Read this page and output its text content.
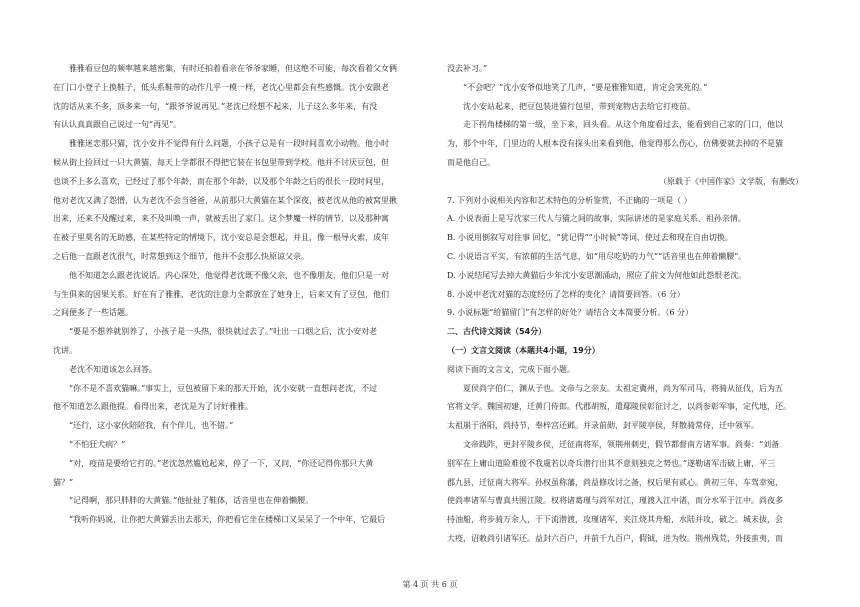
雅雅看豆包的频率越来越密集，有时还拍着看亲在爷爷家睡，但这绝不可能，每次看着父女俩

在门口小登子上换鞋子，低头系鞋带的动作几乎一模一样，老沈心里都会有些感慨。沈小安跟老

沈的话从来不多，顶多来一句，“跟爷爷说再见。”老沈已经想不起来，儿子这么多年来，有没

有认认真真跟自己说过一句“再见”。

雅雅迷恋那只猫，沈小安并不觉得有什么问题，小孩子总是有一段时间喜欢小动物。他小时

候从街上捡回过一只大黄猫，每天上学都很不得把它装在书包里带到学校。他并不讨厌豆包，但

也谈不上多么喜欢，已经过了那个年龄，而在那个年龄，以及那个年龄之后的很长一段时间里，

他对老沈又满了怨憎，认为老沈不会当爸爸，从前那只大黄猫在某个深夜，被老沈从他的被窝里揪

出来，还来不及醒过来，来不及叫唤一声，就被丢出了家门。这个梦魔一样的情节，以及那种寓

在被子里莫名的无助感，在某些特定的情境下，沈小安总是会想起，并且，像一根导火索，成年

之后他一直跟老沈很气，时常想到这个细节，他并不会那么快原谅父亲。

他不知道怎么跟老沈说话。内心深处，他觉得老沈既不像父亲，也不像朋友，他们只是一对

与生俱来的因果关系。好在有了雅雅，老沈的注意力全都放在了她身上，后来又有了豆包，他们

之间便多了一些话题。

“要是不想养就别养了，小孩子是一头热，很快就过去了。”吐出一口烟之后，沈小安对老

沈讲。

老沈不知道该怎么回答。

“你不是不喜欢猫嘛。”事实上，豆包被留下来的那天开始，沈小安就一直想问老沈，不过

他不知道怎么跟他提。看得出来，老沈是为了讨好雅雅。

“还行，这小家伙陪陪我，有个伴儿，也不错。”

“不怕狂犬病？”

“对，疫苗是要给它打的。”老沈忽然尴尬起来，停了一下，又问，“你还记得你那只大黄

猫？”

“记得啊，那只胖胖的大黄猫。”他扯扯了鞋体，话音里也在伸着懒腰。

“我听你妈说，让你把大黄猫丢出去那天，你把看它坐在楼梯口又呆呆了一个中年，它最后

没去补习。”

“不会吧？”沈小安爷似地笑了几声，“要是雅雅知道，肯定会笑死的。”

沈小安站起来，把豆包装进猫行包里，带到宠物店去给它打疫苗。

走下拐角楼梯的第一级，坐下来，回头看。从这个角度看过去，能看到自己家的门口，他以

为，那个中年，门里边的人根本没有探头出来看到他，他觉得那么伤心，仿佛要就去掉的不是猫

而是他自己。

（原载于《中国作家》文学版，有删改）

7. 下列对小说相关内容和艺术特色的分析鉴赏，不正确的一项是（ ）

A. 小说表面上是写沈家三代人与猫之间的故事，实际讲述的是家庭关系、祖孙亲情。

B. 小说用倒叙写对往事 回忆，“犹记得”“小时候”等词，使过去和现在自由切换。

C. 小说语言平实，有浓郁的生活气息，如“用尽吃奶的力气”“话音里也在伸着懒腰”。

D. 小说结尾写去掉大黄猫后少年沈小安思潮涌动，照应了前文为何他如此怨恨老沈。

8. 小说中老沈对猫的态度经历了怎样的变化？请简要回答。（6 分）

9. 小说标题“给猫留门”有怎样的好处？请结合文本简要分析。（6 分）

二、古代诗文阅读（54分）

（一）文言文阅读（本题共4小题，19分）

阅读下面的文言文，完成下面小题。

夏侯尚字伯仁，渊从子也。文帝与之亲友。太祖定冀州，尚为军司马，将骑从征伐，后为五

官将文学。魏国初建，迁黄门侍郎。代郡胡叛，遣鄢陵侯彰征讨之，以尚参彰军事，定代地，还。

太祖崩于洛阳，尚持节，奉梓宫还邺。并录前勋，封平陵亭侯，拜散骑常侍，迁中领军。

文帝践阼，更封平陵乡侯，迁征南将军，领荆州刺史，假节都督南方诸军事。尚奏：“刘备

别军在上庸山道险难彼不我虞若以奇兵潜行出其不意则独克之势也。”遂勒诸军击破上庸，平三

郡九县，迁征南大将军。孙权虽称藩，尚益修攻讨之备，权后果有贰心。黄初三年，车驾幸宛，

使尚率诸军与曹真共围江陵。权将诸葛瑾与尚军对江，瑾渡入江中渚，而分水军于江中。尚夜多

持油船，将步骑万余人，于下流潜渡，攻瑾诸军，夹江烧其舟船，水陆并攻，破之。城未拔，会

大疫，诏敕尚引诸军还。益封六百户，并前千九百户，假钺，进为牧。荆州残荒，外接蛮夷，而

第 4 页 共 6 页
